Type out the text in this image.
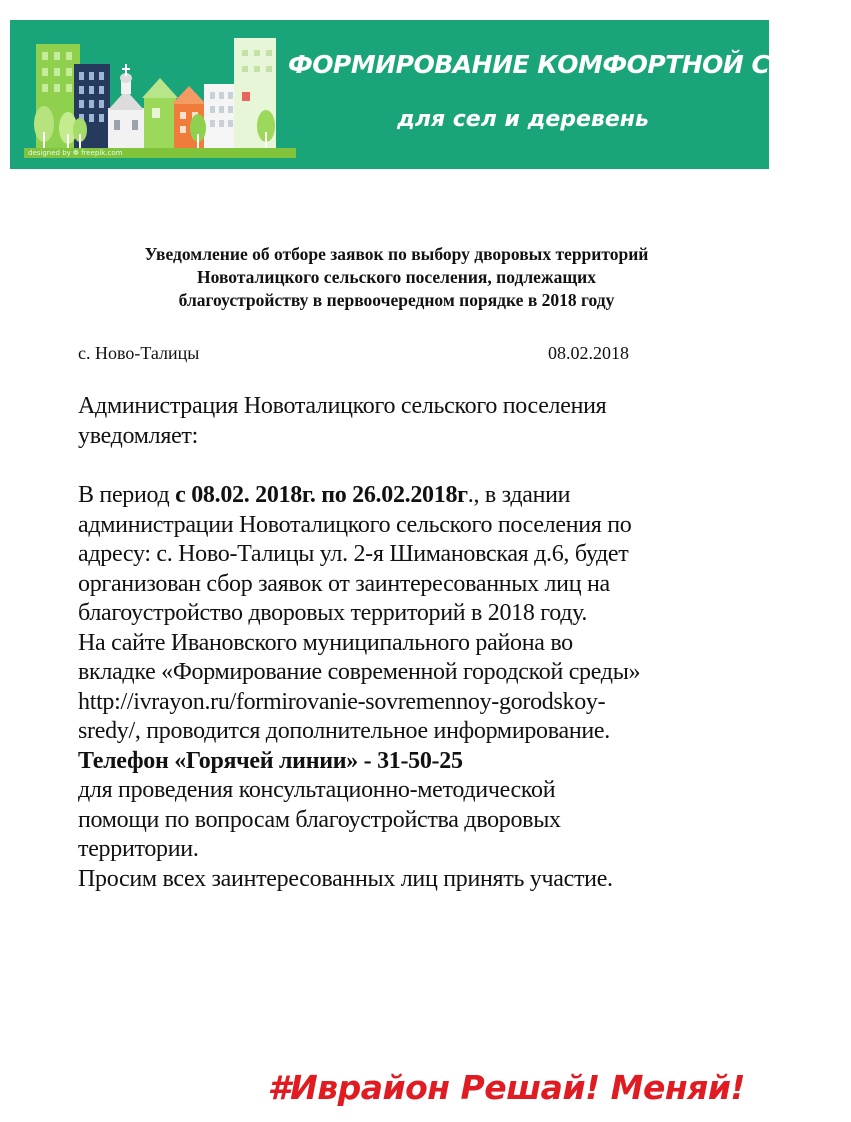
ФОРМИРОВАНИЕ КОМФОРТНОЙ СРЕДЫ
для сел и деревень
designed by ❁ freepik.com
Уведомление об отборе заявок по выбору дворовых территорий
Новоталицкого сельского поселения, подлежащих
благоустройству в первоочередном порядке в 2018 году
с. Ново-Талицы	08.02.2018
Администрация Новоталицкого сельского поселения
уведомляет:
В период с 08.02. 2018г. по 26.02.2018г., в здании
администрации Новоталицкого сельского поселения по
адресу: с. Ново-Талицы ул. 2-я Шимановская д.6, будет
организован сбор заявок от заинтересованных лиц на
благоустройство дворовых территорий в 2018 году.
На сайте Ивановского муниципального района во
вкладке «Формирование современной городской среды»
http://ivrayon.ru/formirovanie-sovremennoy-gorodskoy-
sredy/, проводится дополнительное информирование.
Телефон «Горячей линии» - 31-50-25
для проведения консультационно-методической
помощи по вопросам благоустройства дворовых
территории.
Просим всех заинтересованных лиц принять участие.
#Иврайон Решай! Меняй!
